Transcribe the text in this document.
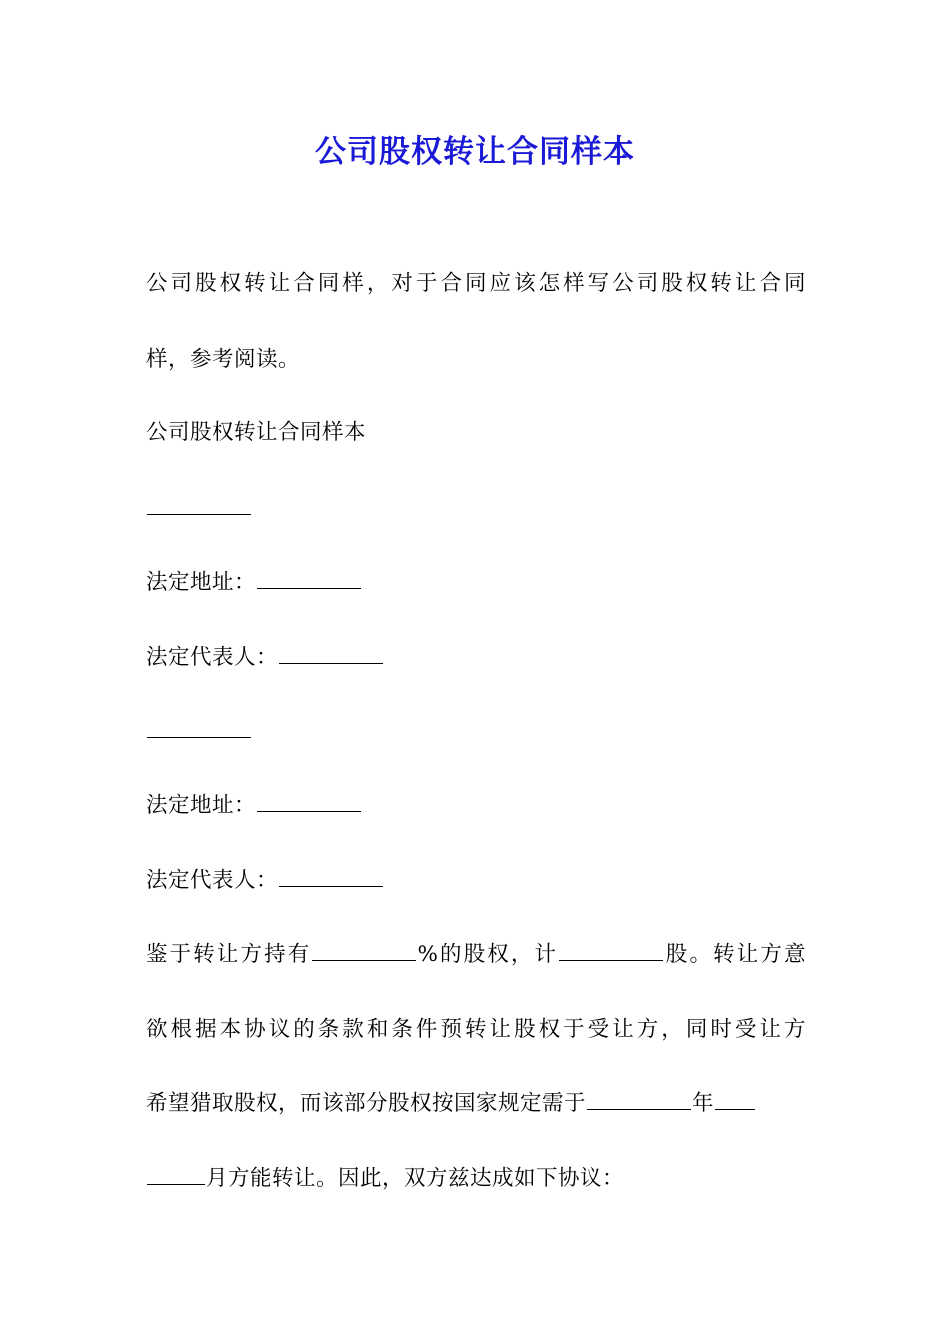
公司股权转让合同样本
公司股权转让合同样，对于合同应该怎样写公司股权转让合同
样，参考阅读。
公司股权转让合同样本
法定地址：
法定代表人：
法定地址：
法定代表人：
鉴于转让方持有	%的股权，计	股。转让方意
欲根据本协议的条款和条件预转让股权于受让方，同时受让方
希望猎取股权，而该部分股权按国家规定需于	年
月方能转让。因此，双方兹达成如下协议：
